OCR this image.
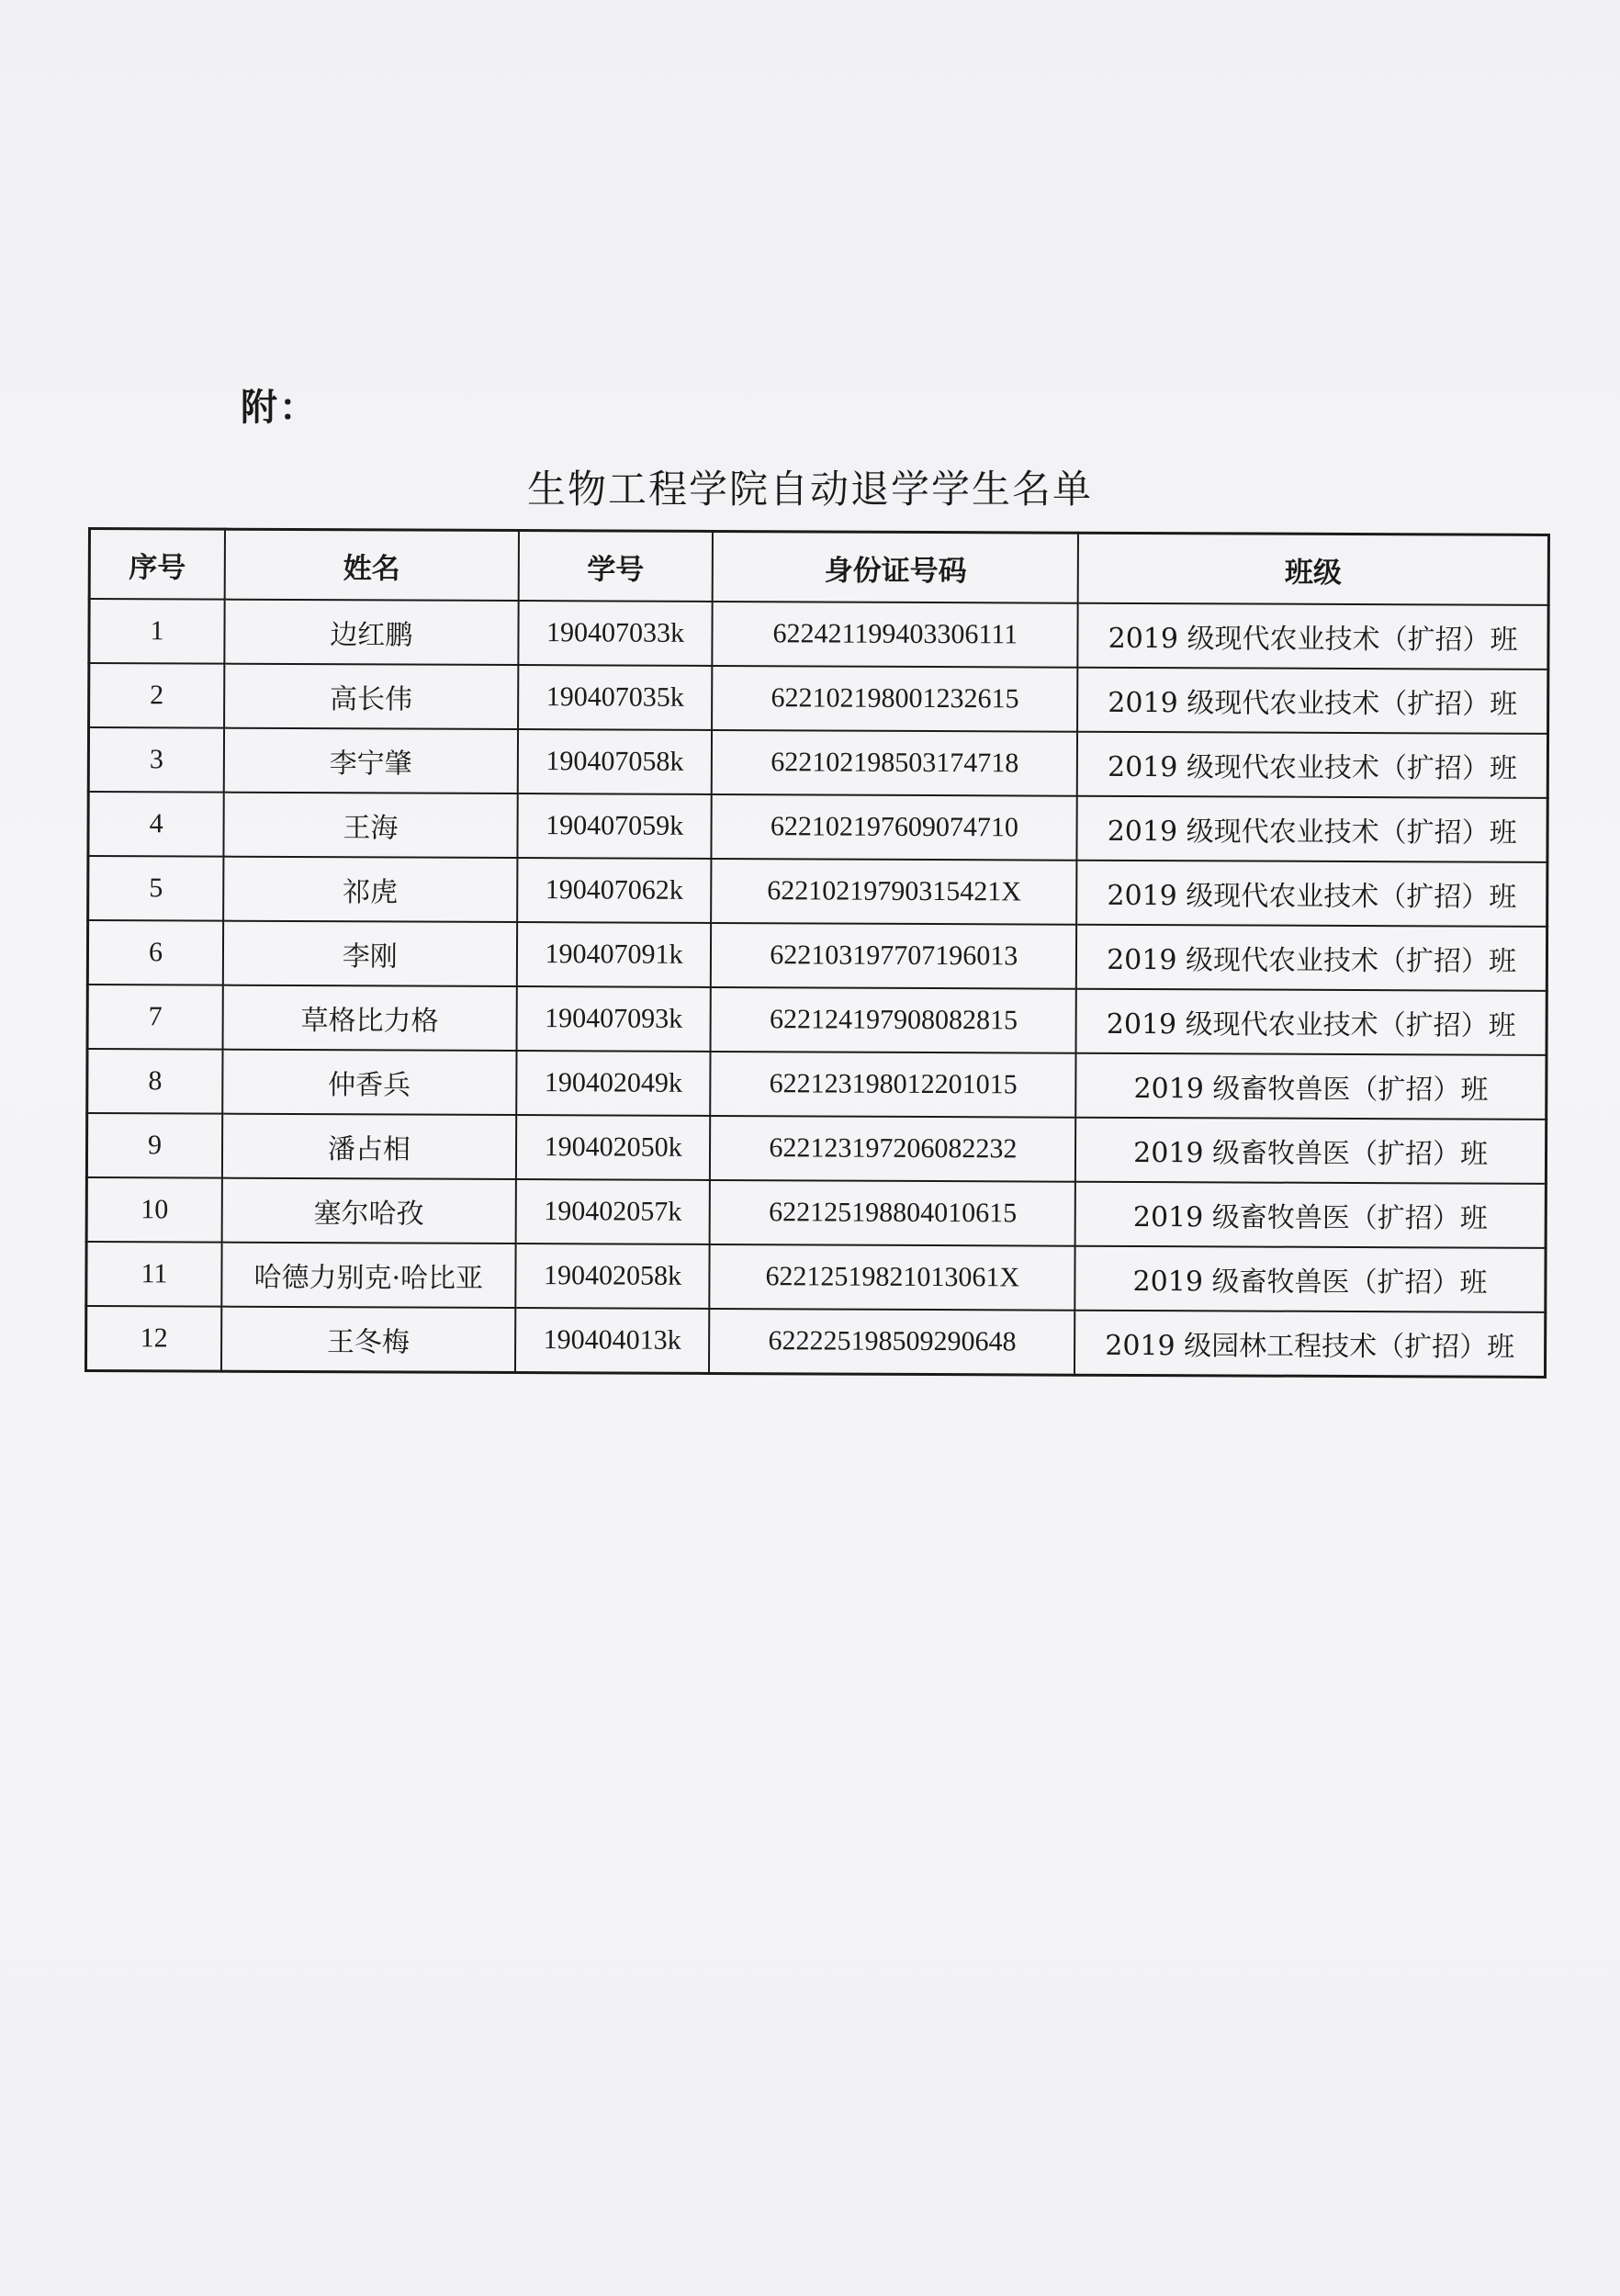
附：
生物工程学院自动退学学生名单
序号	姓名	学号	身份证号码	班级
1	边红鹏	190407033k	622421199403306111	2019 级现代农业技术（扩招）班
2	高长伟	190407035k	622102198001232615	2019 级现代农业技术（扩招）班
3	李宁肇	190407058k	622102198503174718	2019 级现代农业技术（扩招）班
4	王海	190407059k	622102197609074710	2019 级现代农业技术（扩招）班
5	祁虎	190407062k	62210219790315421X	2019 级现代农业技术（扩招）班
6	李刚	190407091k	622103197707196013	2019 级现代农业技术（扩招）班
7	草格比力格	190407093k	622124197908082815	2019 级现代农业技术（扩招）班
8	仲香兵	190402049k	622123198012201015	2019 级畜牧兽医（扩招）班
9	潘占相	190402050k	622123197206082232	2019 级畜牧兽医（扩招）班
10	塞尔哈孜	190402057k	622125198804010615	2019 级畜牧兽医（扩招）班
11	哈德力别克·哈比亚	190402058k	62212519821013061X	2019 级畜牧兽医（扩招）班
12	王冬梅	190404013k	622225198509290648	2019 级园林工程技术（扩招）班
